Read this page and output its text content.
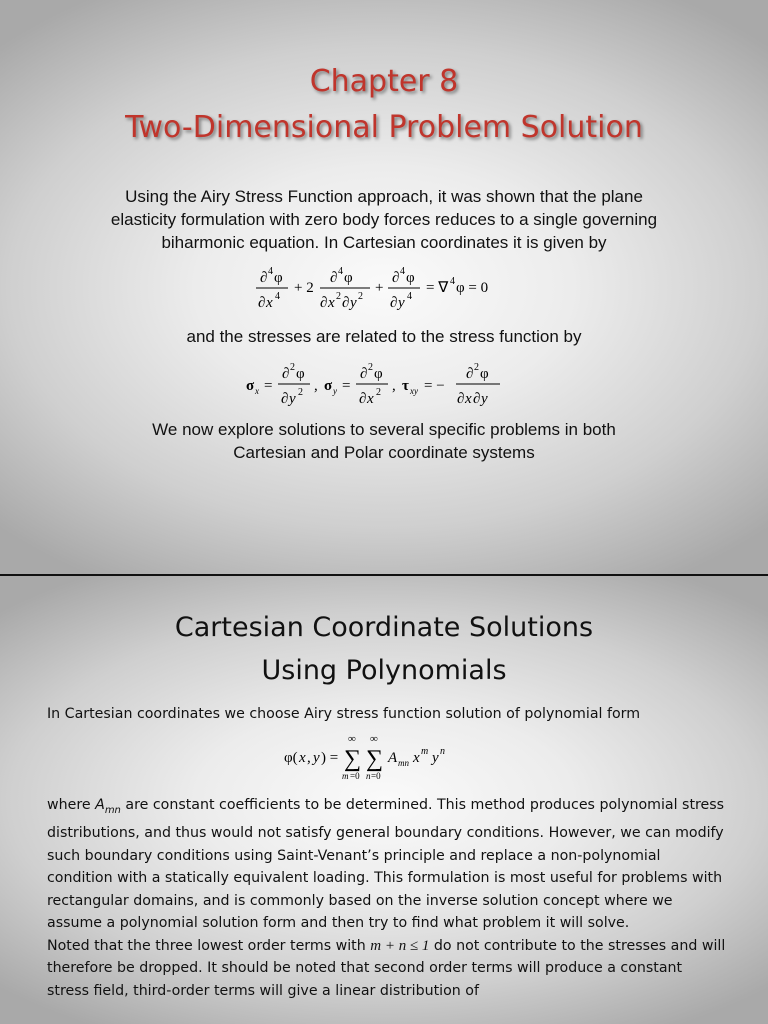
Chapter 8
Two-Dimensional Problem Solution
Using the Airy Stress Function approach, it was shown that the plane
elasticity formulation with zero body forces reduces to a single governing
biharmonic equation. In Cartesian coordinates it is given by
∂ 4 φ
∂ x 4
+ 2
∂ 4 φ
∂ x 2 ∂ y 2
+
∂ 4 φ
∂ y 4
= ∇ 4 φ = 0
and the stresses are related to the stress function by
σ x =
∂ 2 φ
∂ y 2 , σ y =
∂ 2 φ
∂ x 2 , τ xy = −
∂ 2 φ
∂ x ∂ y
We now explore solutions to several specific problems in both
Cartesian and Polar coordinate systems
Cartesian Coordinate Solutions
Using Polynomials
In Cartesian coordinates we choose Airy stress function solution of polynomial form
φ( x , y ) =
∞
∑
m =0
∞
∑
n =0
A mn x m y n

where $A_{mn}$ are constant coefficients to be determined. This method produces polynomial stress distributions, and thus would not satisfy general boundary conditions. However, we can modify such boundary conditions using Saint-Venant’s principle and replace a non-polynomial condition with a statically equivalent loading. This formulation is most useful for problems with rectangular domains, and is commonly based on the inverse solution concept where we assume a polynomial solution form and then try to find what problem it will solve.

Noted that the three lowest order terms with m + n ≤ 1 do not contribute to the stresses and will therefore be dropped. It should be noted that second order terms will produce a constant stress field, third-order terms will give a linear distribution of
